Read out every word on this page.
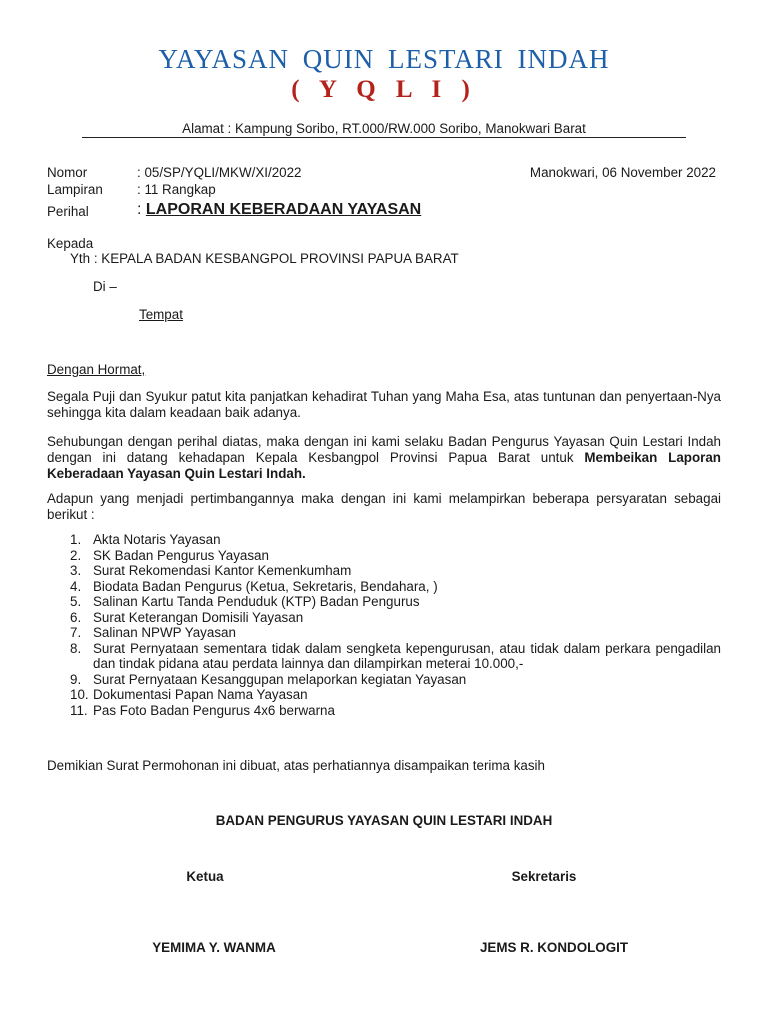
YAYASAN QUIN LESTARI INDAH
( Y Q L I )
Alamat : Kampung Soribo, RT.000/RW.000 Soribo, Manokwari Barat
Nomor	: 05/SP/YQLI/MKW/XI/2022	Manokwari, 06 November 2022
Lampiran	: 11 Rangkap
Perihal	: LAPORAN KEBERADAAN YAYASAN
Kepada
Yth : KEPALA BADAN KESBANGPOL PROVINSI PAPUA BARAT
Di –
Tempat
Dengan Hormat,
Segala Puji dan Syukur patut kita panjatkan kehadirat Tuhan yang Maha Esa, atas tuntunan dan penyertaan-Nya sehingga kita dalam keadaan baik adanya.
Sehubungan dengan perihal diatas, maka dengan ini kami selaku Badan Pengurus Yayasan Quin Lestari Indah dengan ini datang kehadapan Kepala Kesbangpol Provinsi Papua Barat untuk Membeikan Laporan Keberadaan Yayasan Quin Lestari Indah.
Adapun yang menjadi pertimbangannya maka dengan ini kami melampirkan beberapa persyaratan sebagai berikut :
1. Akta Notaris Yayasan
2. SK Badan Pengurus Yayasan
3. Surat Rekomendasi Kantor Kemenkumham
4. Biodata Badan Pengurus (Ketua, Sekretaris, Bendahara, )
5. Salinan Kartu Tanda Penduduk (KTP) Badan Pengurus
6. Surat Keterangan Domisili Yayasan
7. Salinan NPWP Yayasan
8. Surat Pernyataan sementara tidak dalam sengketa kepengurusan, atau tidak dalam perkara pengadilan dan tindak pidana atau perdata lainnya dan dilampirkan meterai 10.000,-
9. Surat Pernyataan Kesanggupan melaporkan kegiatan Yayasan
10. Dokumentasi Papan Nama Yayasan
11. Pas Foto Badan Pengurus 4x6 berwarna
Demikian Surat Permohonan ini dibuat, atas perhatiannya disampaikan terima kasih
BADAN PENGURUS YAYASAN QUIN LESTARI INDAH
Ketua	Sekretaris
YEMIMA Y. WANMA	JEMS R. KONDOLOGIT
